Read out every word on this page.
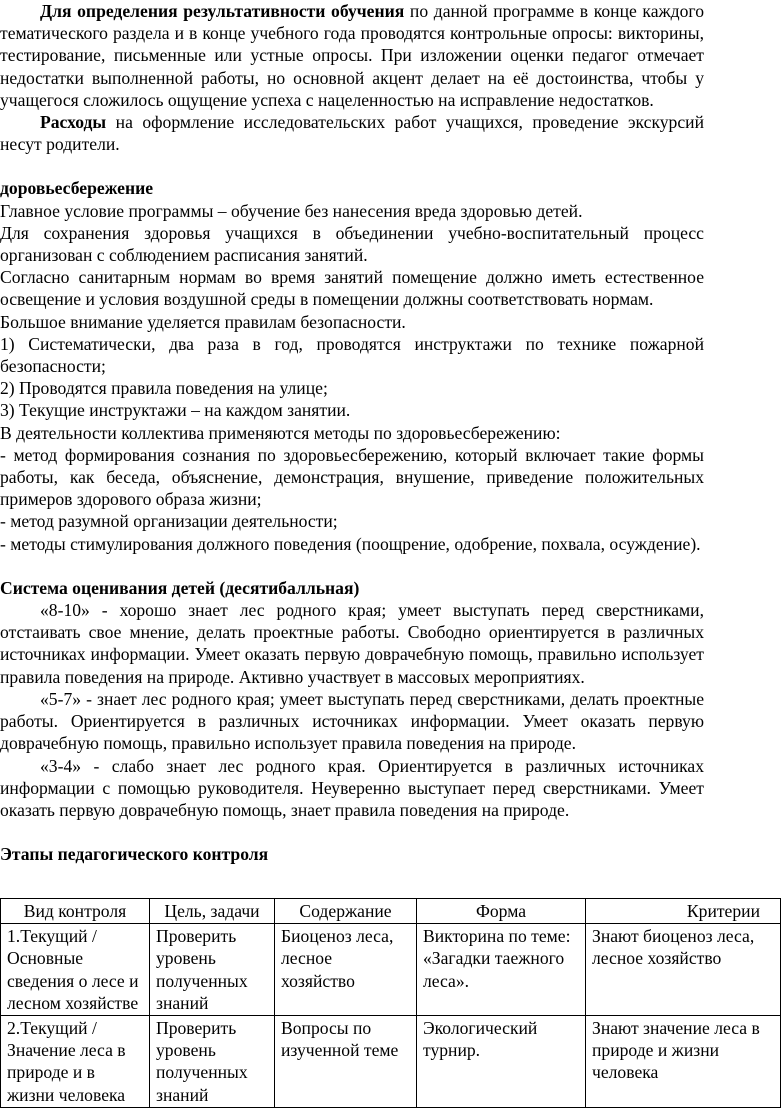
Для определения результативности обучения по данной программе в конце каждого тематического раздела и в конце учебного года проводятся контрольные опросы: викторины, тестирование, письменные или устные опросы. При изложении оценки педагог отмечает недостатки выполненной работы, но основной акцент делает на её достоинства, чтобы у учащегося сложилось ощущение успеха с нацеленностью на исправление недостатков.

Расходы на оформление исследовательских работ учащихся, проведение экскурсий несут родители.

доровьесбережение

Главное условие программы – обучение без нанесения вреда здоровью детей.

Для сохранения здоровья учащихся в объединении учебно-воспитательный процесс организован с соблюдением расписания занятий.

Согласно санитарным нормам во время занятий помещение должно иметь естественное освещение и условия воздушной среды в помещении должны соответствовать нормам.

Большое внимание уделяется правилам безопасности.

1) Систематически, два раза в год, проводятся инструктажи по технике пожарной безопасности;

2) Проводятся правила поведения на улице;

3) Текущие инструктажи – на каждом занятии.

В деятельности коллектива применяются методы по здоровьесбережению:

- метод формирования сознания по здоровьесбережению, который включает такие формы работы, как беседа, объяснение, демонстрация, внушение, приведение положительных примеров здорового образа жизни;

- метод разумной организации деятельности;

- методы стимулирования должного поведения (поощрение, одобрение, похвала, осуждение).

Система оценивания детей (десятибалльная)

«8-10» - хорошо знает лес родного края; умеет выступать перед сверстниками, отстаивать свое мнение, делать проектные работы. Свободно ориентируется в различных источниках информации. Умеет оказать первую доврачебную помощь, правильно использует правила поведения на природе. Активно участвует в массовых мероприятиях.

«5-7» - знает лес родного края; умеет выступать перед сверстниками, делать проектные работы. Ориентируется в различных источниках информации. Умеет оказать первую доврачебную помощь, правильно использует правила поведения на природе.

«3-4» - слабо знает лес родного края. Ориентируется в различных источниках информации с помощью руководителя. Неуверенно выступает перед сверстниками. Умеет оказать первую доврачебную помощь, знает правила поведения на природе.

Этапы педагогического контроля

Вид контроля	Цель, задачи	Содержание	Форма	Критерии
1.Текущий / Основные сведения о лесе и лесном хозяйстве	Проверить уровень полученных знаний	Биоценоз леса, лесное хозяйство	Викторина по теме: «Загадки таежного леса».	Знают биоценоз леса, лесное хозяйство
2.Текущий / Значение леса в природе и в жизни человека	Проверить уровень полученных знаний	Вопросы по изученной теме	Экологический турнир.	Знают значение леса в природе и жизни человека
